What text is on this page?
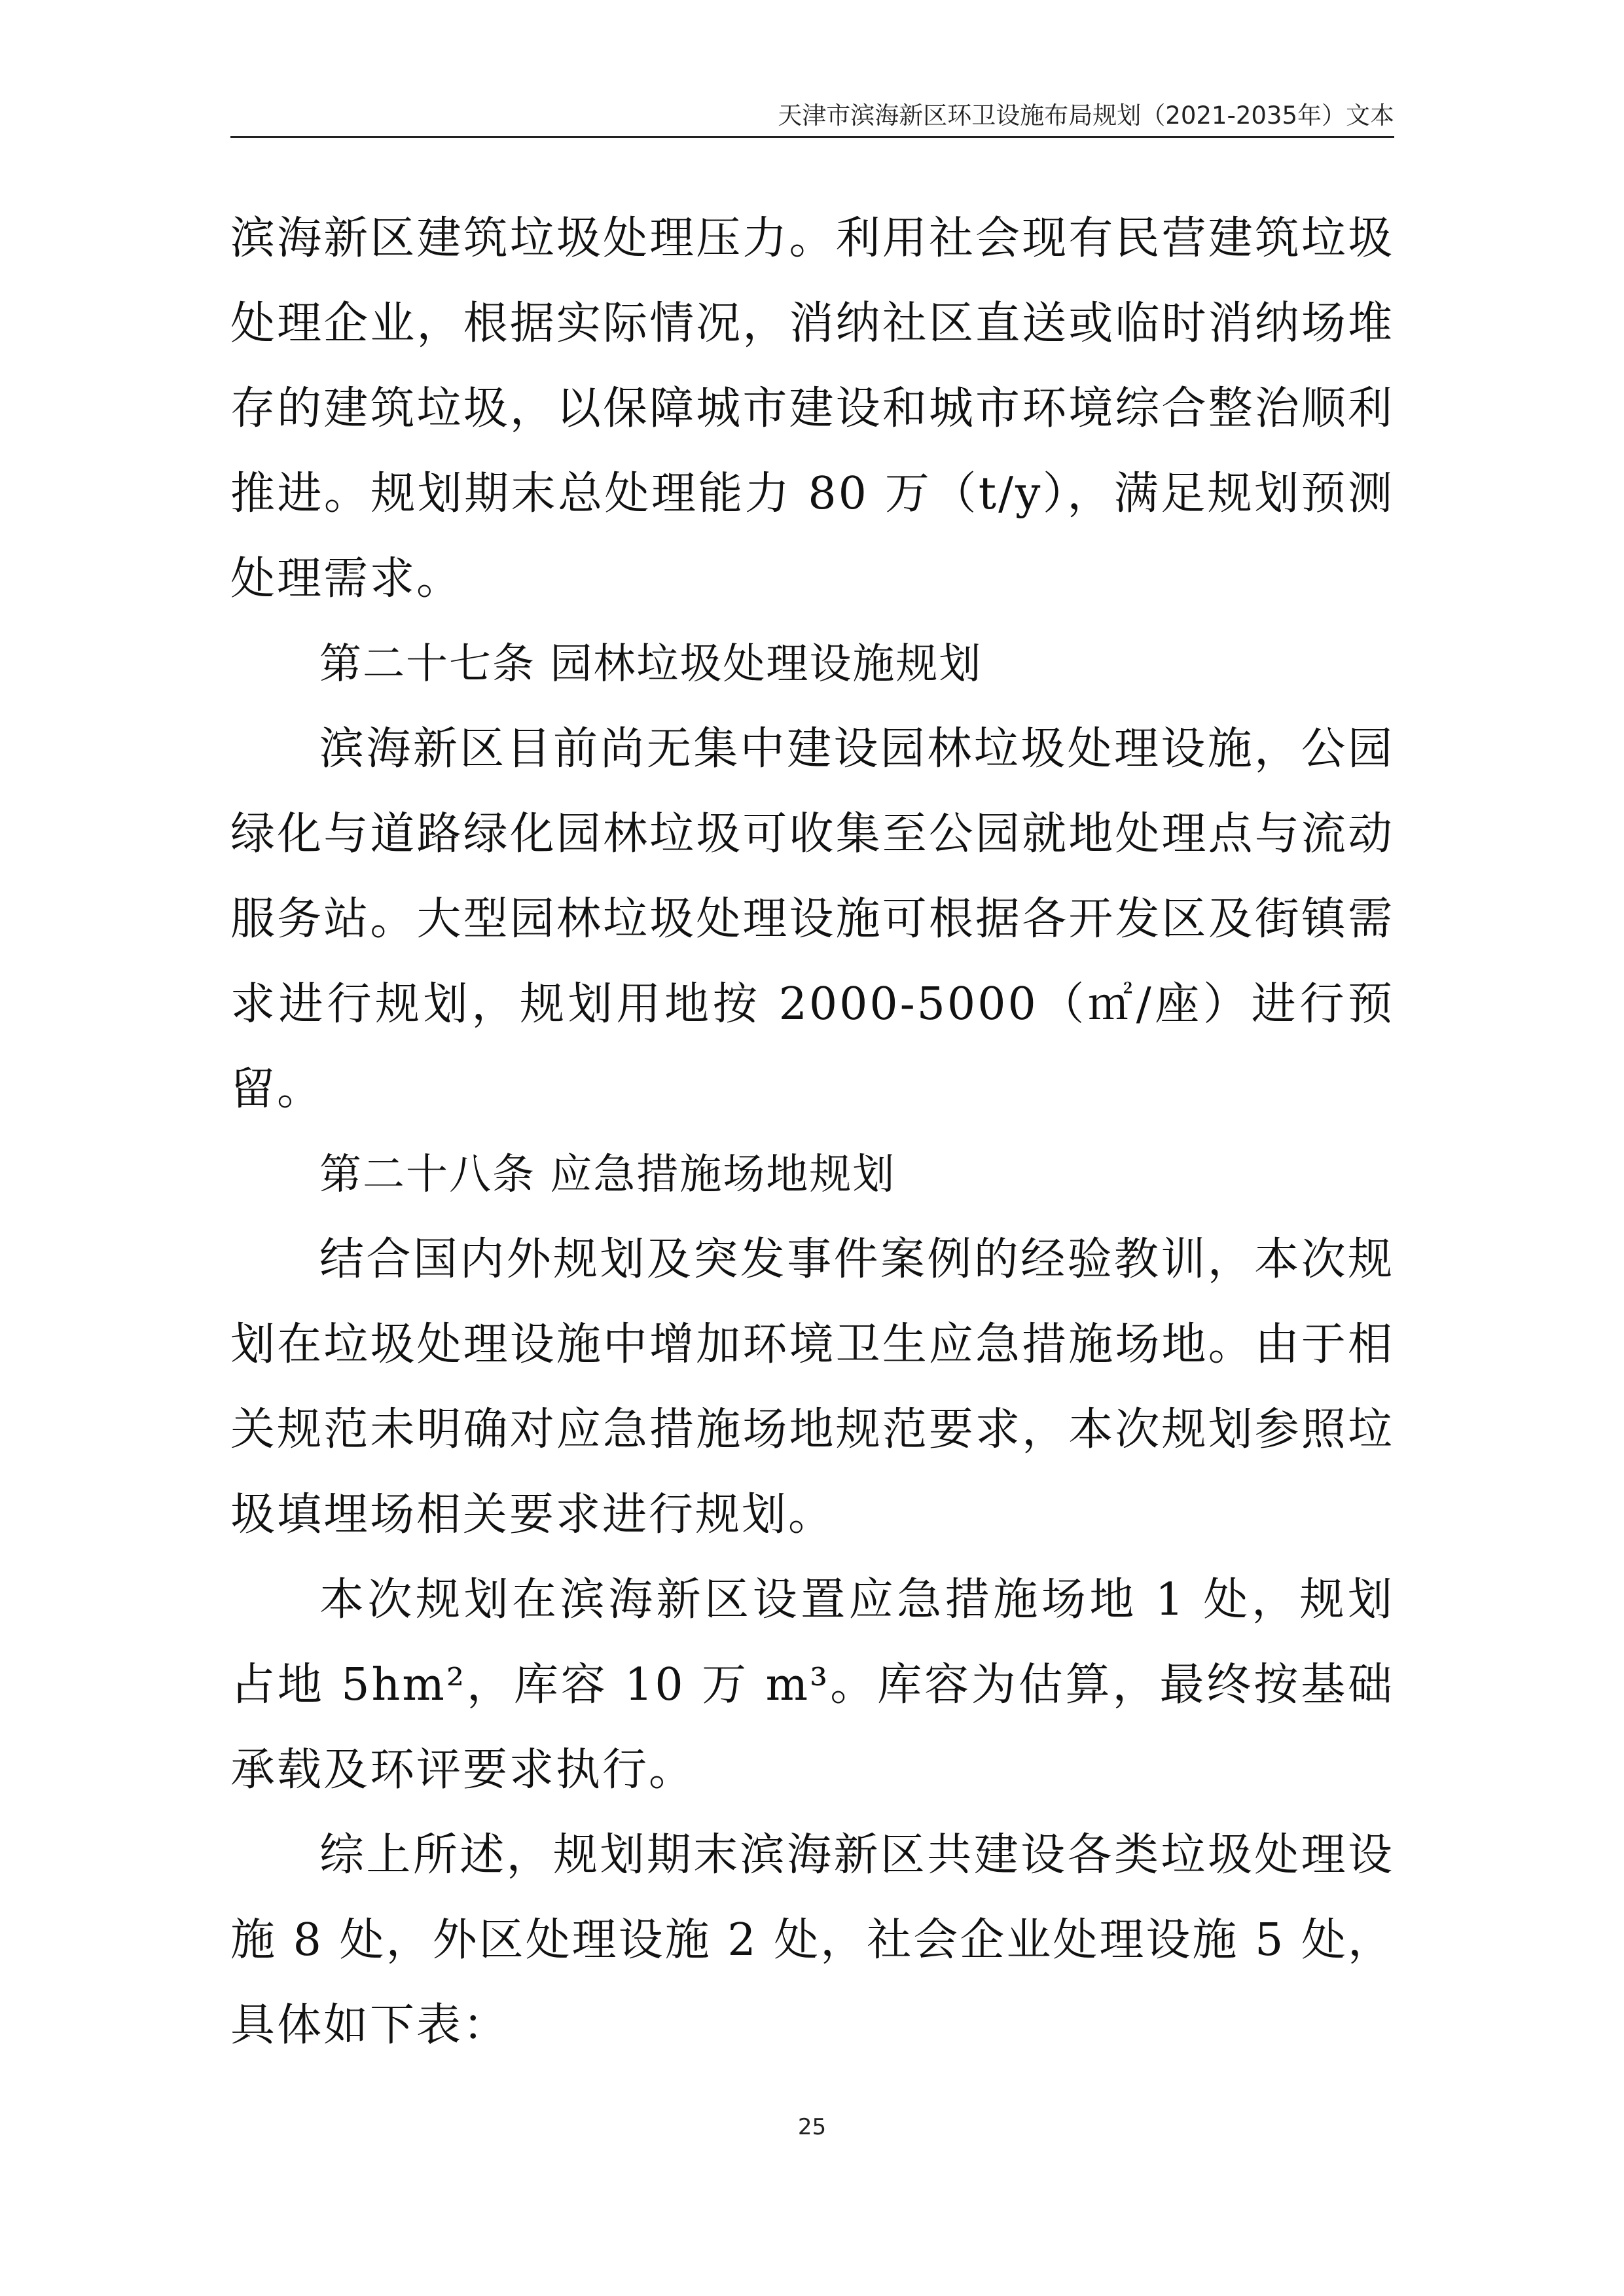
天津市滨海新区环卫设施布局规划（2021-2035年）文本

滨海新区建筑垃圾处理压力。利用社会现有民营建筑垃圾处理企业，根据实际情况，消纳社区直送或临时消纳场堆存的建筑垃圾，以保障城市建设和城市环境综合整治顺利推进。规划期末总处理能力 80 万（t/y），满足规划预测处理需求。

第二十七条 园林垃圾处理设施规划

滨海新区目前尚无集中建设园林垃圾处理设施，公园绿化与道路绿化园林垃圾可收集至公园就地处理点与流动服务站。大型园林垃圾处理设施可根据各开发区及街镇需求进行规划，规划用地按 2000-5000（㎡/座）进行预留。

第二十八条 应急措施场地规划

结合国内外规划及突发事件案例的经验教训，本次规划在垃圾处理设施中增加环境卫生应急措施场地。由于相关规范未明确对应急措施场地规范要求，本次规划参照垃圾填埋场相关要求进行规划。

本次规划在滨海新区设置应急措施场地 1 处，规划占地 5hm²，库容 10 万 m³。库容为估算，最终按基础承载及环评要求执行。

综上所述，规划期末滨海新区共建设各类垃圾处理设施 8 处，外区处理设施 2 处，社会企业处理设施 5 处，具体如下表：

25
